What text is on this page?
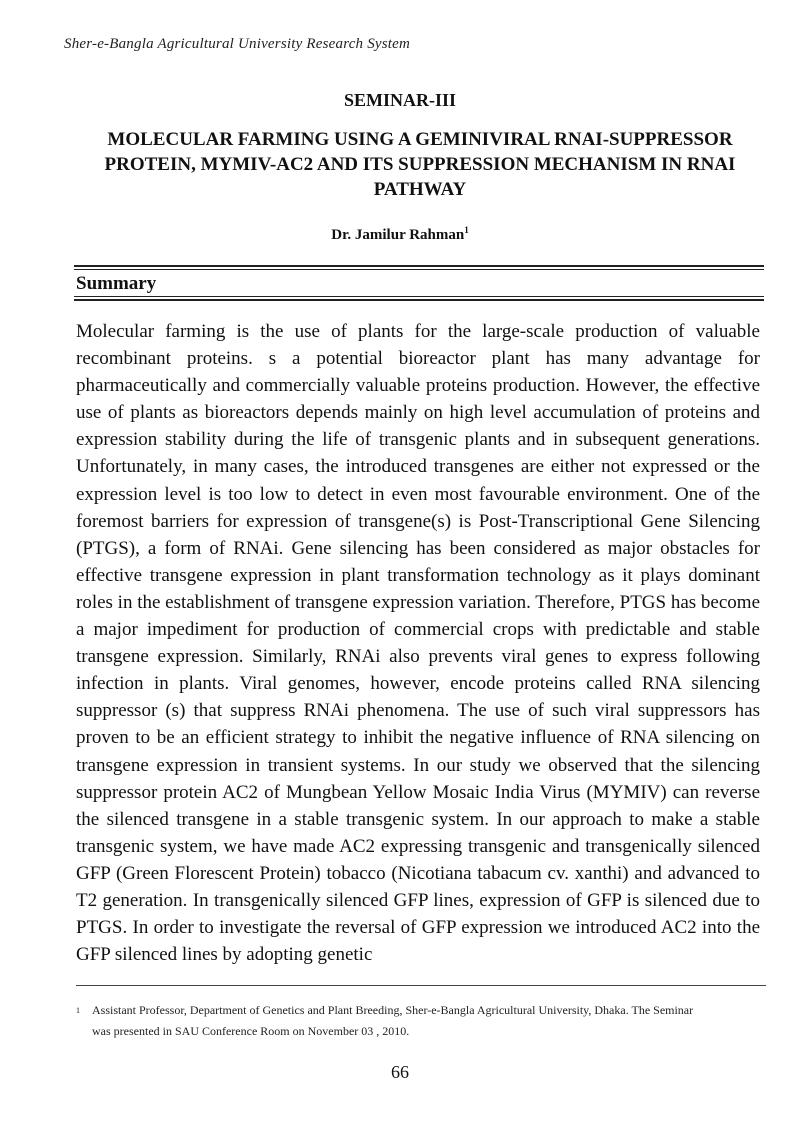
Sher-e-Bangla Agricultural University Research System
SEMINAR-III
MOLECULAR FARMING USING A GEMINIVIRAL RNAI-SUPPRESSOR PROTEIN, MYMIV-AC2 AND ITS SUPPRESSION MECHANISM IN RNAI PATHWAY
Dr. Jamilur Rahman$^1$
Summary
Molecular farming is the use of plants for the large-scale production of valuable recombinant proteins. s a potential bioreactor plant has many advantage for pharmaceutically and commercially valuable proteins production. However, the effective use of plants as bioreactors depends mainly on high level accumulation of proteins and expression stability during the life of transgenic plants and in subsequent generations. Unfortunately, in many cases, the introduced transgenes are either not expressed or the expression level is too low to detect in even most favourable environment. One of the foremost barriers for expression of transgene(s) is Post-Transcriptional Gene Silencing (PTGS), a form of RNAi. Gene silencing has been considered as major obstacles for effective transgene expression in plant transformation technology as it plays dominant roles in the establishment of transgene expression variation. Therefore, PTGS has become a major impediment for production of commercial crops with predictable and stable transgene expression. Similarly, RNAi also prevents viral genes to express following infection in plants. Viral genomes, however, encode proteins called RNA silencing suppressor (s) that suppress RNAi phenomena. The use of such viral suppressors has proven to be an efficient strategy to inhibit the negative influence of RNA silencing on transgene expression in transient systems. In our study we observed that the silencing suppressor protein AC2 of Mungbean Yellow Mosaic India Virus (MYMIV) can reverse the silenced transgene in a stable transgenic system. In our approach to make a stable transgenic system, we have made AC2 expressing transgenic and transgenically silenced GFP (Green Florescent Protein) tobacco (Nicotiana tabacum cv. xanthi) and advanced to T2 generation. In transgenically silenced GFP lines, expression of GFP is silenced due to PTGS. In order to investigate the reversal of GFP expression we introduced AC2 into the GFP silenced lines by adopting genetic
1 Assistant Professor, Department of Genetics and Plant Breeding, Sher-e-Bangla Agricultural University, Dhaka. The Seminar
was presented in SAU Conference Room on November 03 , 2010.
66
